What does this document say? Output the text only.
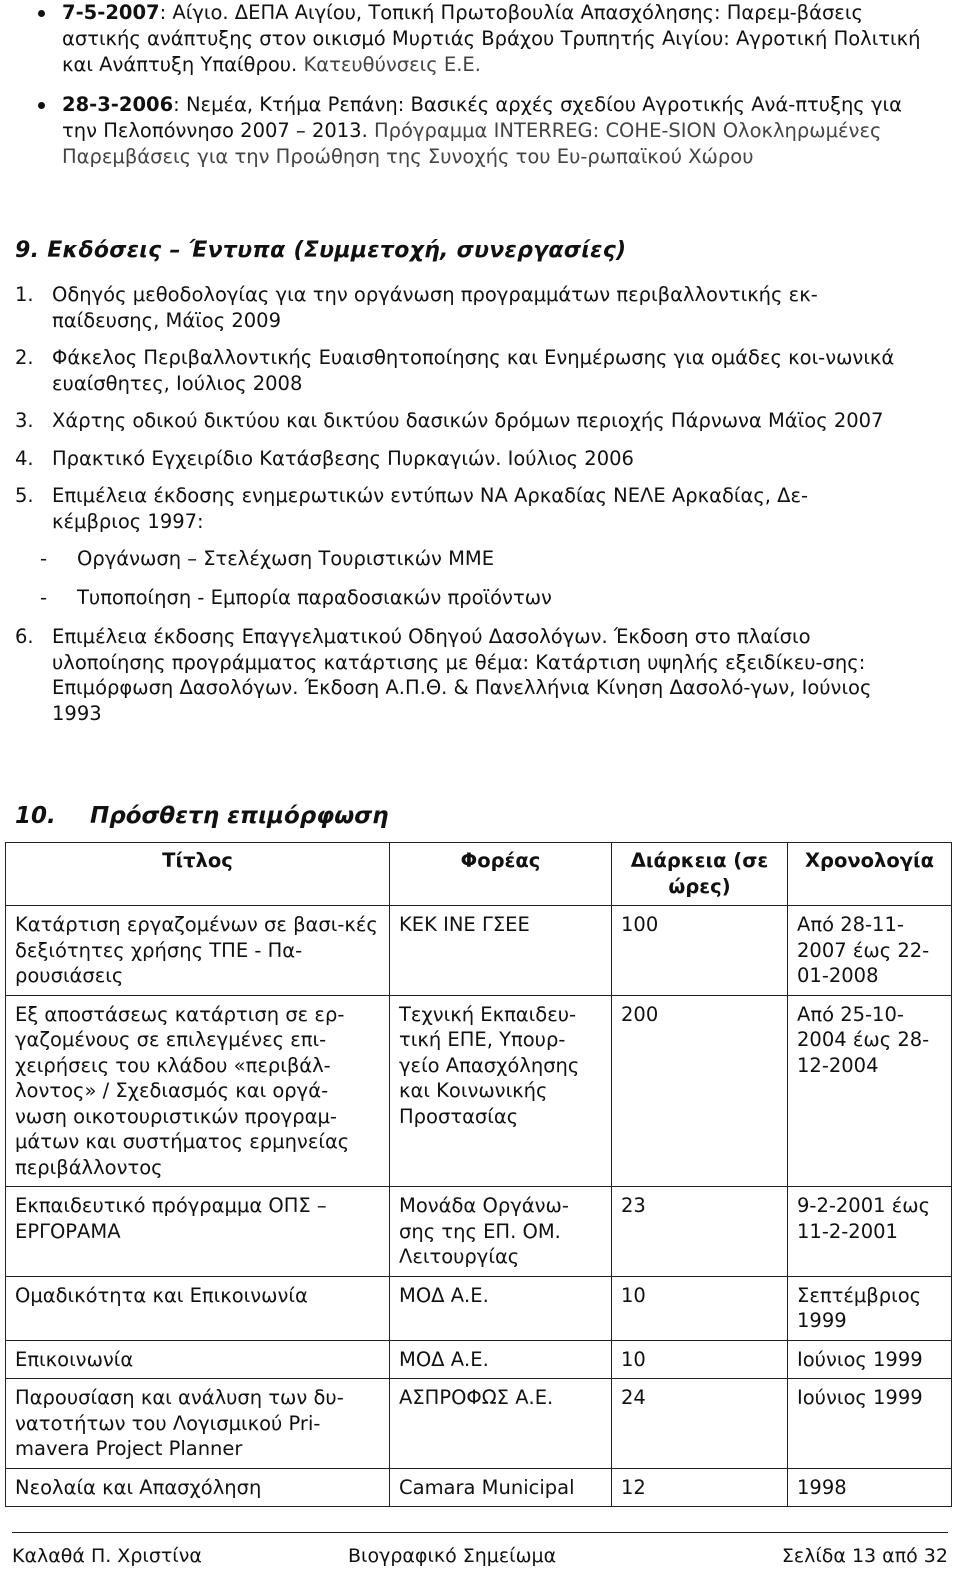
7-5-2007: Αίγιο. ΔΕΠΑ Αιγίου, Τοπική Πρωτοβουλία Απασχόλησης: Παρεμ-βάσεις αστικής ανάπτυξης στον οικισμό Μυρτιάς Βράχου Τρυπητής Αιγίου: Αγροτική Πολιτική και Ανάπτυξη Υπαίθρου. Κατευθύνσεις Ε.Ε.
28-3-2006: Νεμέα, Κτήμα Ρεπάνη: Βασικές αρχές σχεδίου Αγροτικής Ανά-πτυξης για την Πελοπόννησο 2007 – 2013. Πρόγραμμα INTERREG: COHE-SION Ολοκληρωμένες Παρεμβάσεις για την Προώθηση της Συνοχής του Ευ-ρωπαϊκού Χώρου
9. Εκδόσεις – Έντυπα (Συμμετοχή, συνεργασίες)
1. Οδηγός μεθοδολογίας για την οργάνωση προγραμμάτων περιβαλλοντικής εκ-παίδευσης, Μάϊος 2009
2. Φάκελος Περιβαλλοντικής Ευαισθητοποίησης και Ενημέρωσης για ομάδες κοι-νωνικά ευαίσθητες, Ιούλιος 2008
3. Χάρτης οδικού δικτύου και δικτύου δασικών δρόμων περιοχής Πάρνωνα Μάϊος 2007
4. Πρακτικό Εγχειρίδιο Κατάσβεσης Πυρκαγιών. Ιούλιος 2006
5. Επιμέλεια έκδοσης ενημερωτικών εντύπων ΝΑ Αρκαδίας ΝΕΛΕ Αρκαδίας, Δε-κέμβριος 1997:
- Οργάνωση – Στελέχωση Τουριστικών ΜΜΕ
- Τυποποίηση - Εμπορία παραδοσιακών προϊόντων
6. Επιμέλεια έκδοσης Επαγγελματικού Οδηγού Δασολόγων. Έκδοση στο πλαίσιο υλοποίησης προγράμματος κατάρτισης με θέμα: Κατάρτιση υψηλής εξειδίκευ-σης: Επιμόρφωση Δασολόγων. Έκδοση Α.Π.Θ. & Πανελλήνια Κίνηση Δασολό-γων, Ιούνιος 1993
10. Πρόσθετη επιμόρφωση
Τίτλος	Φορέας	Διάρκεια (σε ώρες)	Χρονολογία
Κατάρτιση εργαζομένων σε βασι-κές δεξιότητες χρήσης ΤΠΕ - Πα-ρουσιάσεις	ΚΕΚ ΙΝΕ ΓΣΕΕ	100	Από 28-11-2007 έως 22-01-2008
Εξ αποστάσεως κατάρτιση σε ερ-γαζομένους σε επιλεγμένες επι-χειρήσεις του κλάδου «περιβάλ-λοντος» / Σχεδιασμός και οργά-νωση οικοτουριστικών προγραμ-μάτων και συστήματος ερμηνείας περιβάλλοντος	Τεχνική Εκπαιδευ-τική ΕΠΕ, Υπουρ-γείο Απασχόλησης και Κοινωνικής Προστασίας	200	Από 25-10-2004 έως 28-12-2004
Εκπαιδευτικό πρόγραμμα ΟΠΣ – ΕΡΓΟΡΑΜΑ	Μονάδα Οργάνω-σης της ΕΠ. ΟΜ. Λειτουργίας	23	9-2-2001 έως 11-2-2001
Ομαδικότητα και Επικοινωνία	ΜΟΔ Α.Ε.	10	Σεπτέμβριος 1999
Επικοινωνία	ΜΟΔ Α.Ε.	10	Ιούνιος 1999
Παρουσίαση και ανάλυση των δυ-νατοτήτων του Λογισμικού Pri-mavera Project Planner	ΑΣΠΡΟΦΩΣ Α.Ε.	24	Ιούνιος 1999
Νεολαία και Απασχόληση	Camara Municipal	12	1998
Καλαθά Π. Χριστίνα	Βιογραφικό Σημείωμα	Σελίδα 13 από 32
